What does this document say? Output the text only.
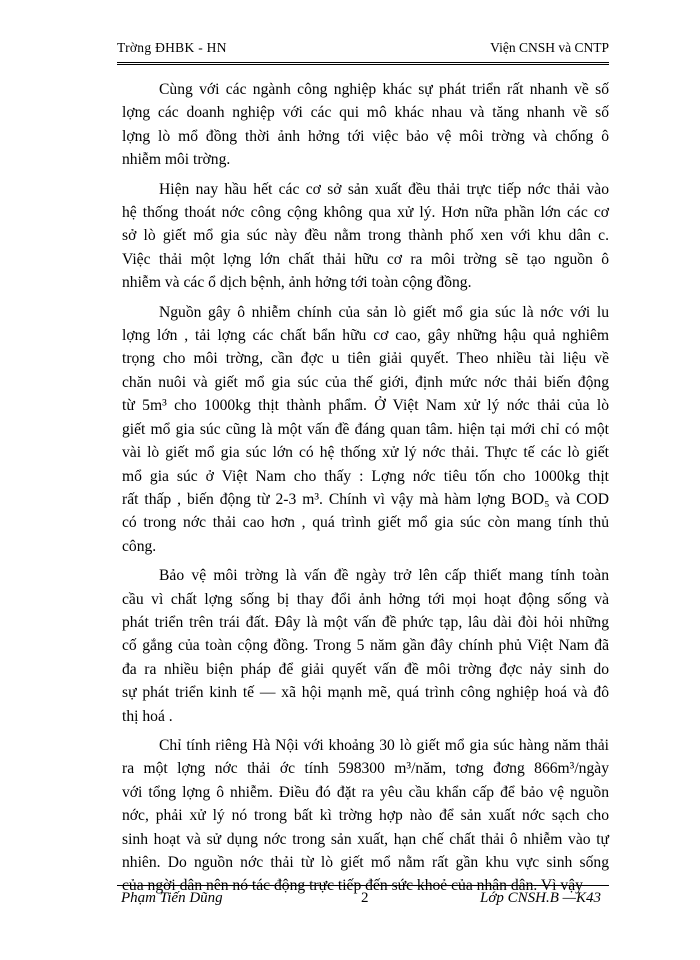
Trờng ĐHBK - HN	Viện CNSH và CNTP

Cùng với các ngành công nghiệp khác sự phát triển rất nhanh về số
lợng các doanh nghiệp với các qui mô khác nhau và tăng nhanh về số
lợng lò mổ đồng thời ảnh hởng tới việc bảo vệ môi trờng và chống ô
nhiễm môi trờng.

Hiện nay hầu hết các cơ sở sản xuất đều thải trực tiếp nớc thải vào
hệ thống thoát nớc công cộng không qua xử lý. Hơn nữa phần lớn các cơ
sở lò giết mổ gia súc này đều nằm trong thành phố xen với khu dân c.
Việc thải một lợng lớn chất thải hữu cơ ra môi trờng sẽ tạo nguồn ô
nhiễm và các ổ dịch bệnh, ảnh hởng tới toàn cộng đồng.

Nguồn gây ô nhiễm chính của sản lò giết mổ gia súc là nớc với lu
lợng lớn , tải lợng các chất bẩn hữu cơ cao, gây những hậu quả nghiêm
trọng cho môi trờng, cần đợc u tiên giải quyết. Theo nhiều tài liệu về
chăn nuôi và giết mổ gia súc của thế giới, định mức nớc thải biến động
từ 5m³ cho 1000kg thịt thành phẩm. Ở Việt Nam xử lý nớc thải của lò
giết mổ gia súc cũng là một vấn đề đáng quan tâm. hiện tại mới chỉ có một
vài lò giết mổ gia súc lớn có hệ thống xử lý nớc thải. Thực tế các lò giết
mổ gia súc ở Việt Nam cho thấy : Lợng nớc tiêu tốn cho 1000kg thịt
rất thấp , biến động từ 2-3 m³. Chính vì vậy mà hàm lợng BOD₅ và COD
có trong nớc thải cao hơn , quá trình giết mổ gia súc còn mang tính thủ
công.

Bảo vệ môi trờng là vấn đề ngày trở lên cấp thiết mang tính toàn
cầu vì chất lợng sống bị thay đổi ảnh hởng tới mọi hoạt động sống và
phát triển trên trái đất. Đây là một vấn đề phức tạp, lâu dài đòi hỏi những
cố gắng của toàn cộng đồng. Trong 5 năm gần đây chính phủ Việt Nam đã
đa ra nhiều biện pháp để giải quyết vấn đề môi trờng đợc nảy sinh do
sự phát triển kinh tế — xã hội mạnh mẽ, quá trình công nghiệp hoá và đô
thị hoá .

Chỉ tính riêng Hà Nội với khoảng 30 lò giết mổ gia súc hàng năm thải
ra một lợng nớc thải ớc tính 598300 m³/năm, tơng đơng 866m³/ngày
với tổng lợng ô nhiễm. Điều đó đặt ra yêu cầu khẩn cấp để bảo vệ nguồn
nớc, phải xử lý nó trong bất kì trờng hợp nào để sản xuất nớc sạch cho
sinh hoạt và sử dụng nớc trong sản xuất, hạn chế chất thải ô nhiễm vào tự
nhiên. Do nguồn nớc thải từ lò giết mổ nằm rất gần khu vực sinh sống
của ngời dân nên nó tác động trực tiếp đến sức khoẻ của nhân dân. Vì vậy

Phạm Tiến Dũng	2	Lớp CNSH.B —K43
